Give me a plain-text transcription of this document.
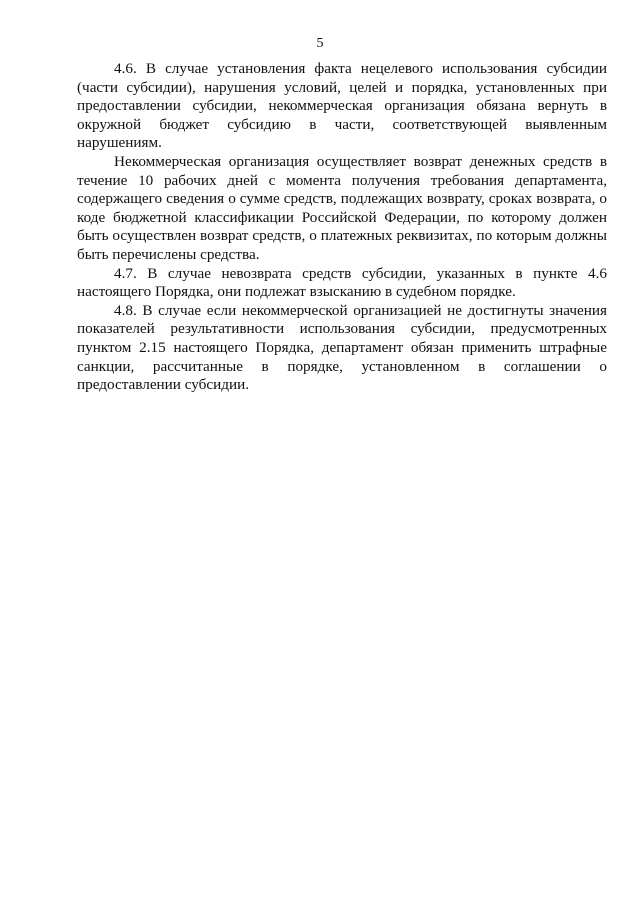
5

4.6. В случае установления факта нецелевого использования субсидии (части субсидии), нарушения условий, целей и порядка, установленных при предоставлении субсидии, некоммерческая организация обязана вернуть в окружной бюджет субсидию в части, соответствующей выявленным нарушениям.

Некоммерческая организация осуществляет возврат денежных средств в течение 10 рабочих дней с момента получения требования департамента, содержащего сведения о сумме средств, подлежащих возврату, сроках возврата, о коде бюджетной классификации Российской Федерации, по которому должен быть осуществлен возврат средств, о платежных реквизитах, по которым должны быть перечислены средства.

4.7. В случае невозврата средств субсидии, указанных в пункте 4.6 настоящего Порядка, они подлежат взысканию в судебном порядке.

4.8. В случае если некоммерческой организацией не достигнуты значения показателей результативности использования субсидии, предусмотренных пунктом 2.15 настоящего Порядка, департамент обязан применить штрафные санкции, рассчитанные в порядке, установленном в соглашении о предоставлении субсидии.
